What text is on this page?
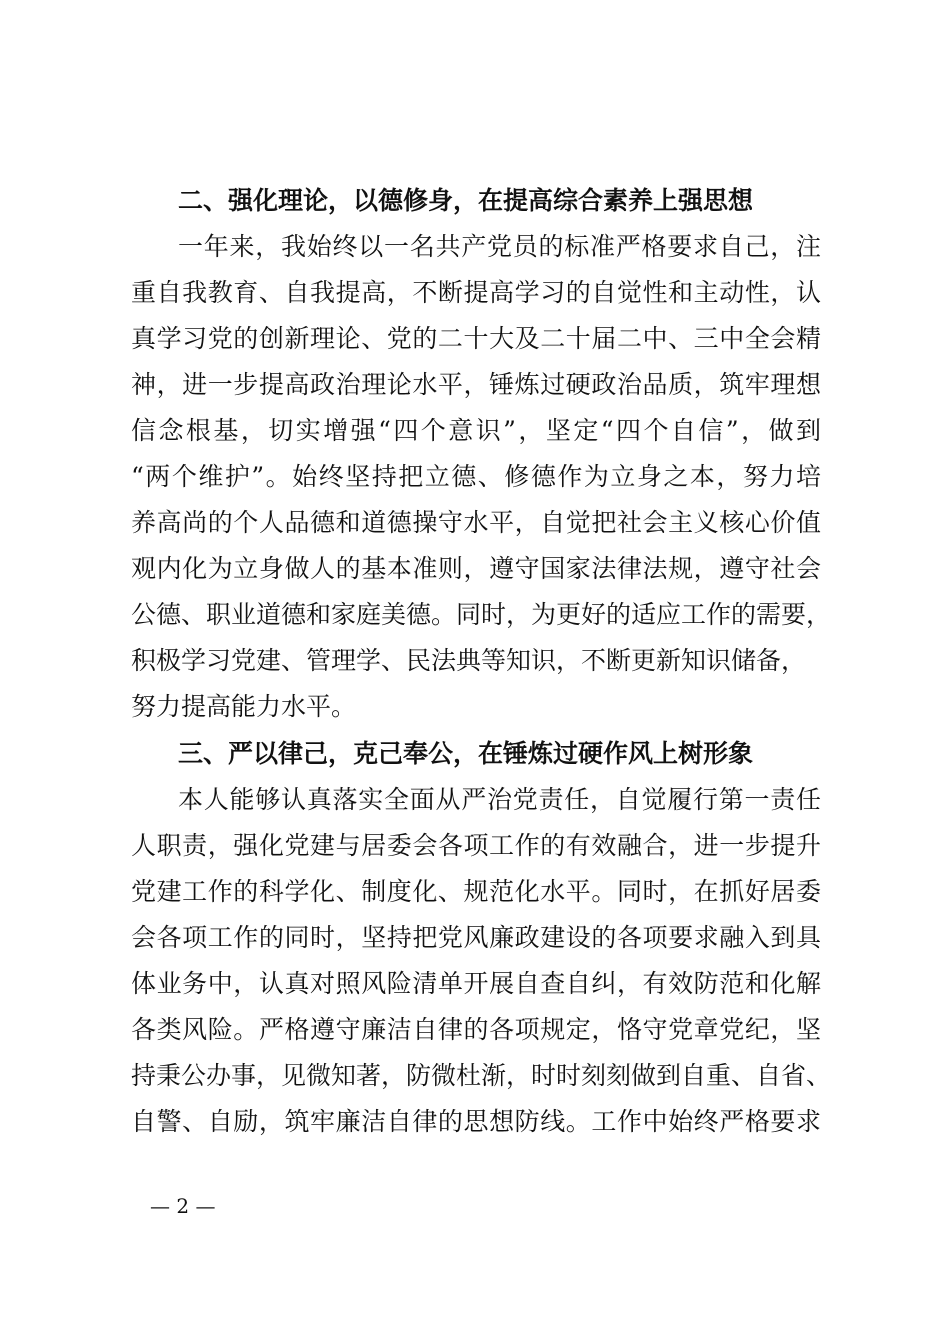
二、强化理论，以德修身，在提高综合素养上强思想
一年来，我始终以一名共产党员的标准严格要求自己，注
重自我教育、自我提高，不断提高学习的自觉性和主动性，认
真学习党的创新理论、党的二十大及二十届二中、三中全会精
神，进一步提高政治理论水平，锤炼过硬政治品质，筑牢理想
信念根基，切实增强“四个意识”，坚定“四个自信”，做到
“两个维护”。始终坚持把立德、修德作为立身之本，努力培
养高尚的个人品德和道德操守水平，自觉把社会主义核心价值
观内化为立身做人的基本准则，遵守国家法律法规，遵守社会
公德、职业道德和家庭美德。同时，为更好的适应工作的需要，
积极学习党建、管理学、民法典等知识，不断更新知识储备，
努力提高能力水平。
三、严以律己，克己奉公，在锤炼过硬作风上树形象
本人能够认真落实全面从严治党责任，自觉履行第一责任
人职责，强化党建与居委会各项工作的有效融合，进一步提升
党建工作的科学化、制度化、规范化水平。同时，在抓好居委
会各项工作的同时，坚持把党风廉政建设的各项要求融入到具
体业务中，认真对照风险清单开展自查自纠，有效防范和化解
各类风险。严格遵守廉洁自律的各项规定，恪守党章党纪，坚
持秉公办事，见微知著，防微杜渐，时时刻刻做到自重、自省、
自警、自励，筑牢廉洁自律的思想防线。工作中始终严格要求
— 2 —
